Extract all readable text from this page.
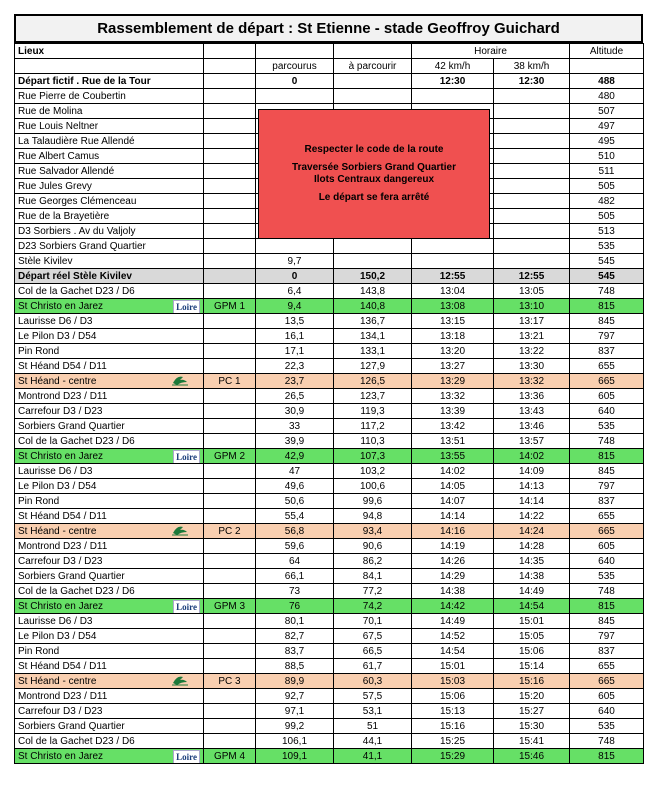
Rassemblement de départ : St Etienne - stade Geoffroy Guichard
Lieux				Horaire		Altitude

		parcourus	à parcourir	42 km/h	38 km/h	
Départ fictif . Rue de la Tour		0		12:30	12:30	488
Rue Pierre de Coubertin						480
Rue de Molina						507
Rue Louis Neltner						497
La Talaudière Rue Allendé						495
Rue Albert Camus						510
Rue Salvador Allendé						511
Rue Jules Grevy						505
Rue Georges Clémenceau						482
Rue de la Brayetière						505
D3 Sorbiers . Av du Valjoly						513
D23 Sorbiers Grand Quartier						535
Stèle Kivilev		9,7				545
Départ réel Stèle Kivilev		0	150,2	12:55	12:55	545
Col de la Gachet D23 / D6		6,4	143,8	13:04	13:05	748
St Christo en Jarez Loire	GPM 1	9,4	140,8	13:08	13:10	815
Laurisse D6 / D3		13,5	136,7	13:15	13:17	845
Le Pilon D3 / D54		16,1	134,1	13:18	13:21	797
Pin Rond		17,1	133,1	13:20	13:22	837
St Héand D54 / D11		22,3	127,9	13:27	13:30	655
St Héand - centre	PC 1	23,7	126,5	13:29	13:32	665
Montrond D23 / D11		26,5	123,7	13:32	13:36	605
Carrefour D3 / D23		30,9	119,3	13:39	13:43	640
Sorbiers Grand Quartier		33	117,2	13:42	13:46	535
Col de la Gachet D23 / D6		39,9	110,3	13:51	13:57	748
St Christo en Jarez Loire	GPM 2	42,9	107,3	13:55	14:02	815
Laurisse D6 / D3		47	103,2	14:02	14:09	845
Le Pilon D3 / D54		49,6	100,6	14:05	14:13	797
Pin Rond		50,6	99,6	14:07	14:14	837
St Héand D54 / D11		55,4	94,8	14:14	14:22	655
St Héand - centre	PC 2	56,8	93,4	14:16	14:24	665
Montrond D23 / D11		59,6	90,6	14:19	14:28	605
Carrefour D3 / D23		64	86,2	14:26	14:35	640
Sorbiers Grand Quartier		66,1	84,1	14:29	14:38	535
Col de la Gachet D23 / D6		73	77,2	14:38	14:49	748
St Christo en Jarez Loire	GPM 3	76	74,2	14:42	14:54	815
Laurisse D6 / D3		80,1	70,1	14:49	15:01	845
Le Pilon D3 / D54		82,7	67,5	14:52	15:05	797
Pin Rond		83,7	66,5	14:54	15:06	837
St Héand D54 / D11		88,5	61,7	15:01	15:14	655
St Héand - centre	PC 3	89,9	60,3	15:03	15:16	665
Montrond D23 / D11		92,7	57,5	15:06	15:20	605
Carrefour D3 / D23		97,1	53,1	15:13	15:27	640
Sorbiers Grand Quartier		99,2	51	15:16	15:30	535
Col de la Gachet D23 / D6		106,1	44,1	15:25	15:41	748
St Christo en Jarez Loire	GPM 4	109,1	41,1	15:29	15:46	815
Respecter le code de la route
Traversée Sorbiers Grand Quartier
Ilots Centraux dangereux
Le départ se fera arrêté
